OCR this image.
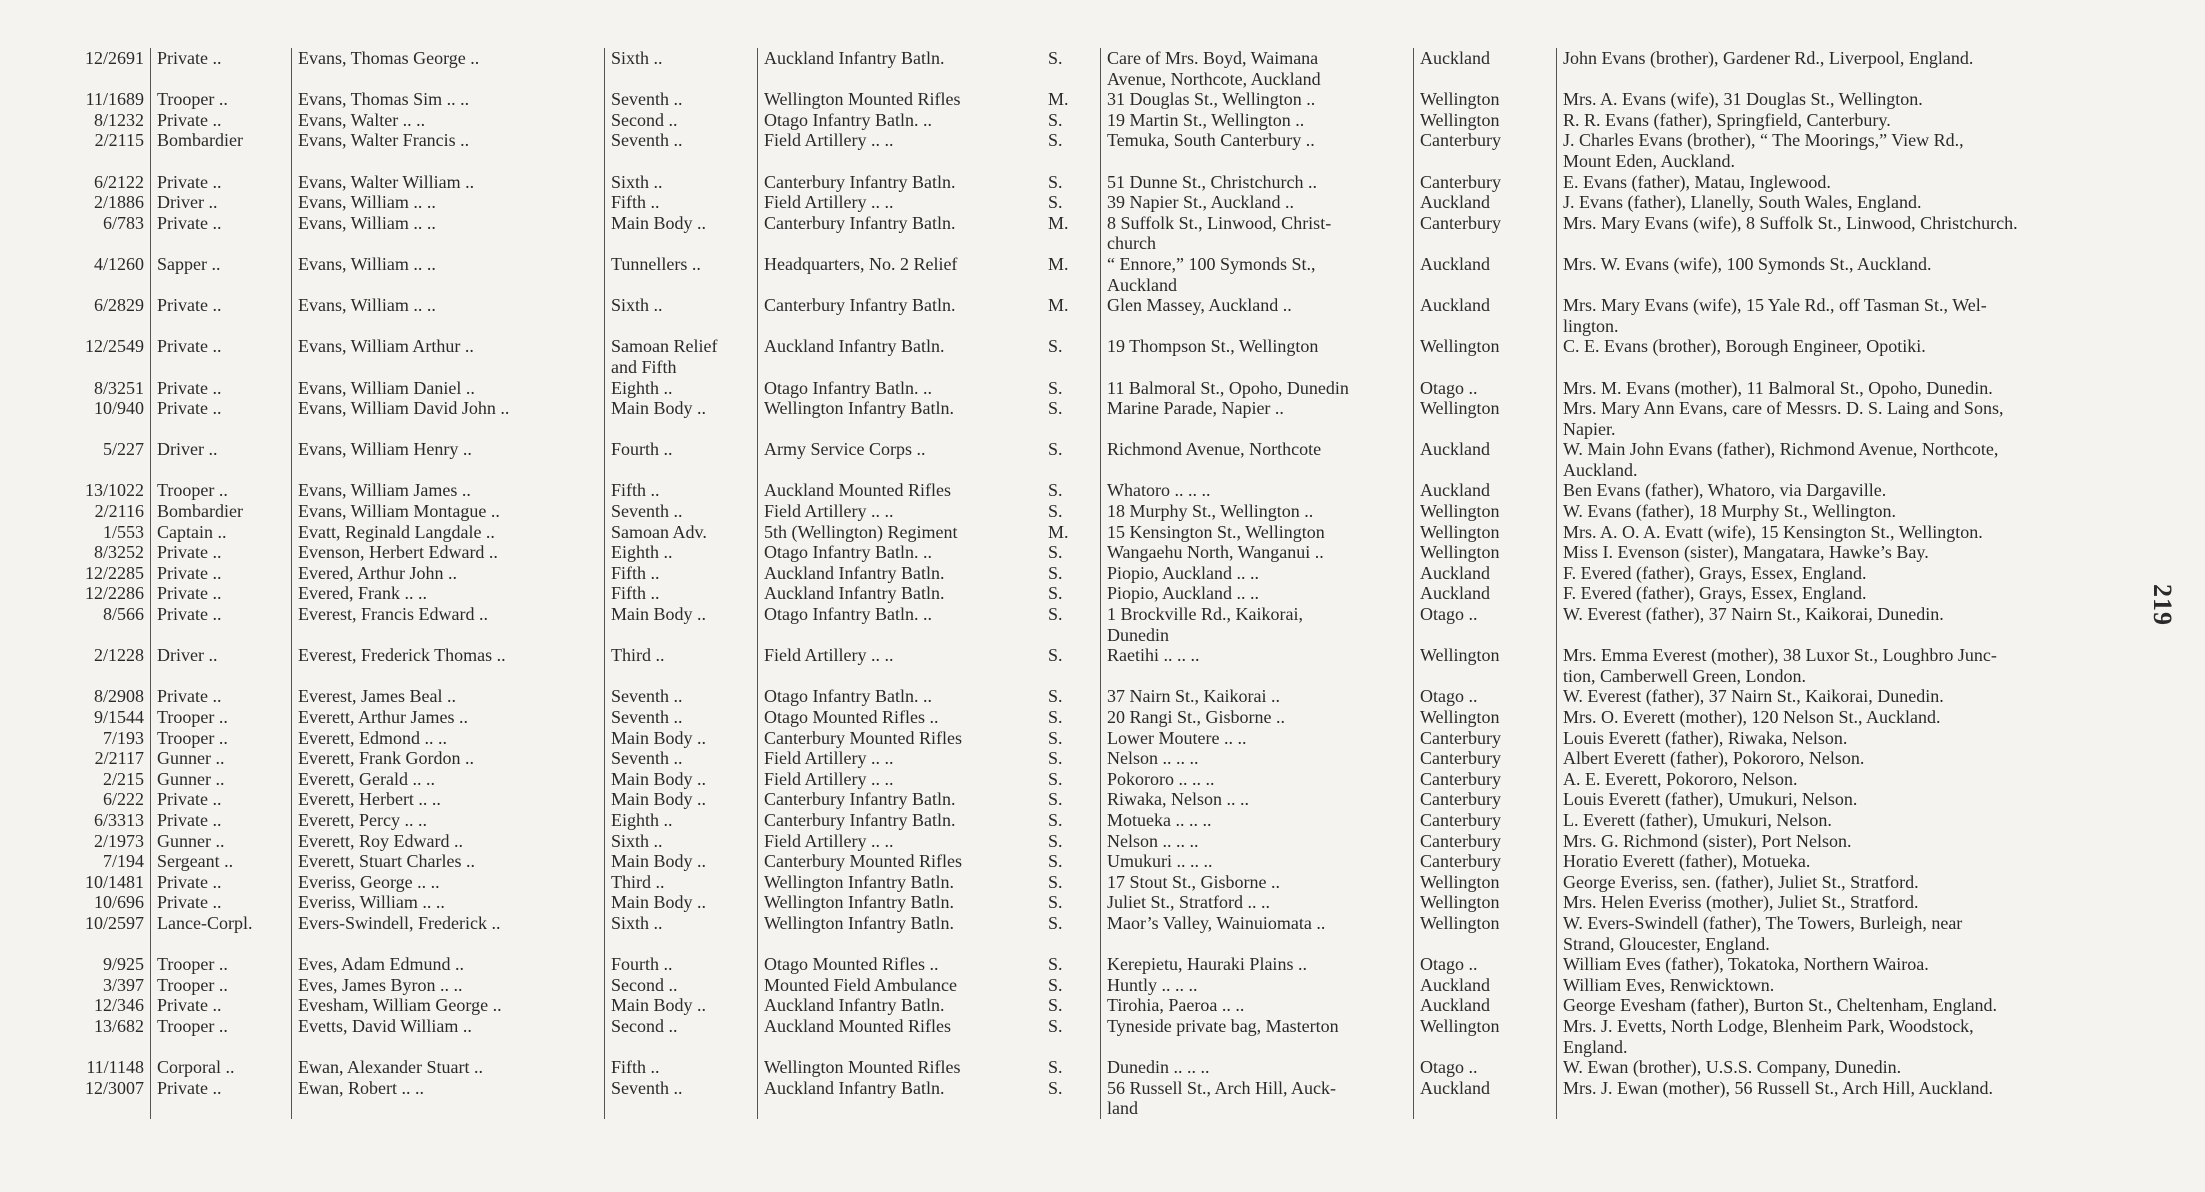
12/2691	Private ..	Evans, Thomas George ..	Sixth ..	Auckland Infantry Batln.	S.	Care of Mrs. Boyd, Waimana
Avenue, Northcote, Auckland	Auckland	John Evans (brother), Gardener Rd., Liverpool, England.
11/1689	Trooper ..	Evans, Thomas Sim .. ..	Seventh ..	Wellington Mounted Rifles	M.	31 Douglas St., Wellington ..	Wellington	Mrs. A. Evans (wife), 31 Douglas St., Wellington.
8/1232	Private ..	Evans, Walter .. ..	Second ..	Otago Infantry Batln. ..	S.	19 Martin St., Wellington ..	Wellington	R. R. Evans (father), Springfield, Canterbury.
2/2115	Bombardier	Evans, Walter Francis ..	Seventh ..	Field Artillery .. ..	S.	Temuka, South Canterbury ..	Canterbury	J. Charles Evans (brother), “ The Moorings,” View Rd.,
Mount Eden, Auckland.
6/2122	Private ..	Evans, Walter William ..	Sixth ..	Canterbury Infantry Batln.	S.	51 Dunne St., Christchurch ..	Canterbury	E. Evans (father), Matau, Inglewood.
2/1886	Driver ..	Evans, William .. ..	Fifth ..	Field Artillery .. ..	S.	39 Napier St., Auckland ..	Auckland	J. Evans (father), Llanelly, South Wales, England.
6/783	Private ..	Evans, William .. ..	Main Body ..	Canterbury Infantry Batln.	M.	8 Suffolk St., Linwood, Christ-
church	Canterbury	Mrs. Mary Evans (wife), 8 Suffolk St., Linwood, Christchurch.
4/1260	Sapper ..	Evans, William .. ..	Tunnellers ..	Headquarters, No. 2 Relief	M.	“ Ennore,” 100 Symonds St.,
Auckland	Auckland	Mrs. W. Evans (wife), 100 Symonds St., Auckland.
6/2829	Private ..	Evans, William .. ..	Sixth ..	Canterbury Infantry Batln.	M.	Glen Massey, Auckland ..	Auckland	Mrs. Mary Evans (wife), 15 Yale Rd., off Tasman St., Wel-
lington.
12/2549	Private ..	Evans, William Arthur ..	Samoan Relief
and Fifth	Auckland Infantry Batln.	S.	19 Thompson St., Wellington	Wellington	C. E. Evans (brother), Borough Engineer, Opotiki.
8/3251	Private ..	Evans, William Daniel ..	Eighth ..	Otago Infantry Batln. ..	S.	11 Balmoral St., Opoho, Dunedin	Otago ..	Mrs. M. Evans (mother), 11 Balmoral St., Opoho, Dunedin.
10/940	Private ..	Evans, William David John ..	Main Body ..	Wellington Infantry Batln.	S.	Marine Parade, Napier ..	Wellington	Mrs. Mary Ann Evans, care of Messrs. D. S. Laing and Sons,
Napier.
5/227	Driver ..	Evans, William Henry ..	Fourth ..	Army Service Corps ..	S.	Richmond Avenue, Northcote	Auckland	W. Main John Evans (father), Richmond Avenue, Northcote,
Auckland.
13/1022	Trooper ..	Evans, William James ..	Fifth ..	Auckland Mounted Rifles	S.	Whatoro .. .. ..	Auckland	Ben Evans (father), Whatoro, via Dargaville.
2/2116	Bombardier	Evans, William Montague ..	Seventh ..	Field Artillery .. ..	S.	18 Murphy St., Wellington ..	Wellington	W. Evans (father), 18 Murphy St., Wellington.
1/553	Captain ..	Evatt, Reginald Langdale ..	Samoan Adv.	5th (Wellington) Regiment	M.	15 Kensington St., Wellington	Wellington	Mrs. A. O. A. Evatt (wife), 15 Kensington St., Wellington.
8/3252	Private ..	Evenson, Herbert Edward ..	Eighth ..	Otago Infantry Batln. ..	S.	Wangaehu North, Wanganui ..	Wellington	Miss I. Evenson (sister), Mangatara, Hawke’s Bay.
12/2285	Private ..	Evered, Arthur John ..	Fifth ..	Auckland Infantry Batln.	S.	Piopio, Auckland .. ..	Auckland	F. Evered (father), Grays, Essex, England.
12/2286	Private ..	Evered, Frank .. ..	Fifth ..	Auckland Infantry Batln.	S.	Piopio, Auckland .. ..	Auckland	F. Evered (father), Grays, Essex, England.
8/566	Private ..	Everest, Francis Edward ..	Main Body ..	Otago Infantry Batln. ..	S.	1 Brockville Rd., Kaikorai,
Dunedin	Otago ..	W. Everest (father), 37 Nairn St., Kaikorai, Dunedin.
2/1228	Driver ..	Everest, Frederick Thomas ..	Third ..	Field Artillery .. ..	S.	Raetihi .. .. ..	Wellington	Mrs. Emma Everest (mother), 38 Luxor St., Loughbro Junc-
tion, Camberwell Green, London.
8/2908	Private ..	Everest, James Beal ..	Seventh ..	Otago Infantry Batln. ..	S.	37 Nairn St., Kaikorai ..	Otago ..	W. Everest (father), 37 Nairn St., Kaikorai, Dunedin.
9/1544	Trooper ..	Everett, Arthur James ..	Seventh ..	Otago Mounted Rifles ..	S.	20 Rangi St., Gisborne ..	Wellington	Mrs. O. Everett (mother), 120 Nelson St., Auckland.
7/193	Trooper ..	Everett, Edmond .. ..	Main Body ..	Canterbury Mounted Rifles	S.	Lower Moutere .. ..	Canterbury	Louis Everett (father), Riwaka, Nelson.
2/2117	Gunner ..	Everett, Frank Gordon ..	Seventh ..	Field Artillery .. ..	S.	Nelson .. .. ..	Canterbury	Albert Everett (father), Pokororo, Nelson.
2/215	Gunner ..	Everett, Gerald .. ..	Main Body ..	Field Artillery .. ..	S.	Pokororo .. .. ..	Canterbury	A. E. Everett, Pokororo, Nelson.
6/222	Private ..	Everett, Herbert .. ..	Main Body ..	Canterbury Infantry Batln.	S.	Riwaka, Nelson .. ..	Canterbury	Louis Everett (father), Umukuri, Nelson.
6/3313	Private ..	Everett, Percy .. ..	Eighth ..	Canterbury Infantry Batln.	S.	Motueka .. .. ..	Canterbury	L. Everett (father), Umukuri, Nelson.
2/1973	Gunner ..	Everett, Roy Edward ..	Sixth ..	Field Artillery .. ..	S.	Nelson .. .. ..	Canterbury	Mrs. G. Richmond (sister), Port Nelson.
7/194	Sergeant ..	Everett, Stuart Charles ..	Main Body ..	Canterbury Mounted Rifles	S.	Umukuri .. .. ..	Canterbury	Horatio Everett (father), Motueka.
10/1481	Private ..	Everiss, George .. ..	Third ..	Wellington Infantry Batln.	S.	17 Stout St., Gisborne ..	Wellington	George Everiss, sen. (father), Juliet St., Stratford.
10/696	Private ..	Everiss, William .. ..	Main Body ..	Wellington Infantry Batln.	S.	Juliet St., Stratford .. ..	Wellington	Mrs. Helen Everiss (mother), Juliet St., Stratford.
10/2597	Lance-Corpl.	Evers-Swindell, Frederick ..	Sixth ..	Wellington Infantry Batln.	S.	Maor’s Valley, Wainuiomata ..	Wellington	W. Evers-Swindell (father), The Towers, Burleigh, near
Strand, Gloucester, England.
9/925	Trooper ..	Eves, Adam Edmund ..	Fourth ..	Otago Mounted Rifles ..	S.	Kerepietu, Hauraki Plains ..	Otago ..	William Eves (father), Tokatoka, Northern Wairoa.
3/397	Trooper ..	Eves, James Byron .. ..	Second ..	Mounted Field Ambulance	S.	Huntly .. .. ..	Auckland	William Eves, Renwicktown.
12/346	Private ..	Evesham, William George ..	Main Body ..	Auckland Infantry Batln.	S.	Tirohia, Paeroa .. ..	Auckland	George Evesham (father), Burton St., Cheltenham, England.
13/682	Trooper ..	Evetts, David William ..	Second ..	Auckland Mounted Rifles	S.	Tyneside private bag, Masterton	Wellington	Mrs. J. Evetts, North Lodge, Blenheim Park, Woodstock,
England.
11/1148	Corporal ..	Ewan, Alexander Stuart ..	Fifth ..	Wellington Mounted Rifles	S.	Dunedin .. .. ..	Otago ..	W. Ewan (brother), U.S.S. Company, Dunedin.
12/3007	Private ..	Ewan, Robert .. ..	Seventh ..	Auckland Infantry Batln.	S.	56 Russell St., Arch Hill, Auck-
land	Auckland	Mrs. J. Ewan (mother), 56 Russell St., Arch Hill, Auckland.
219
